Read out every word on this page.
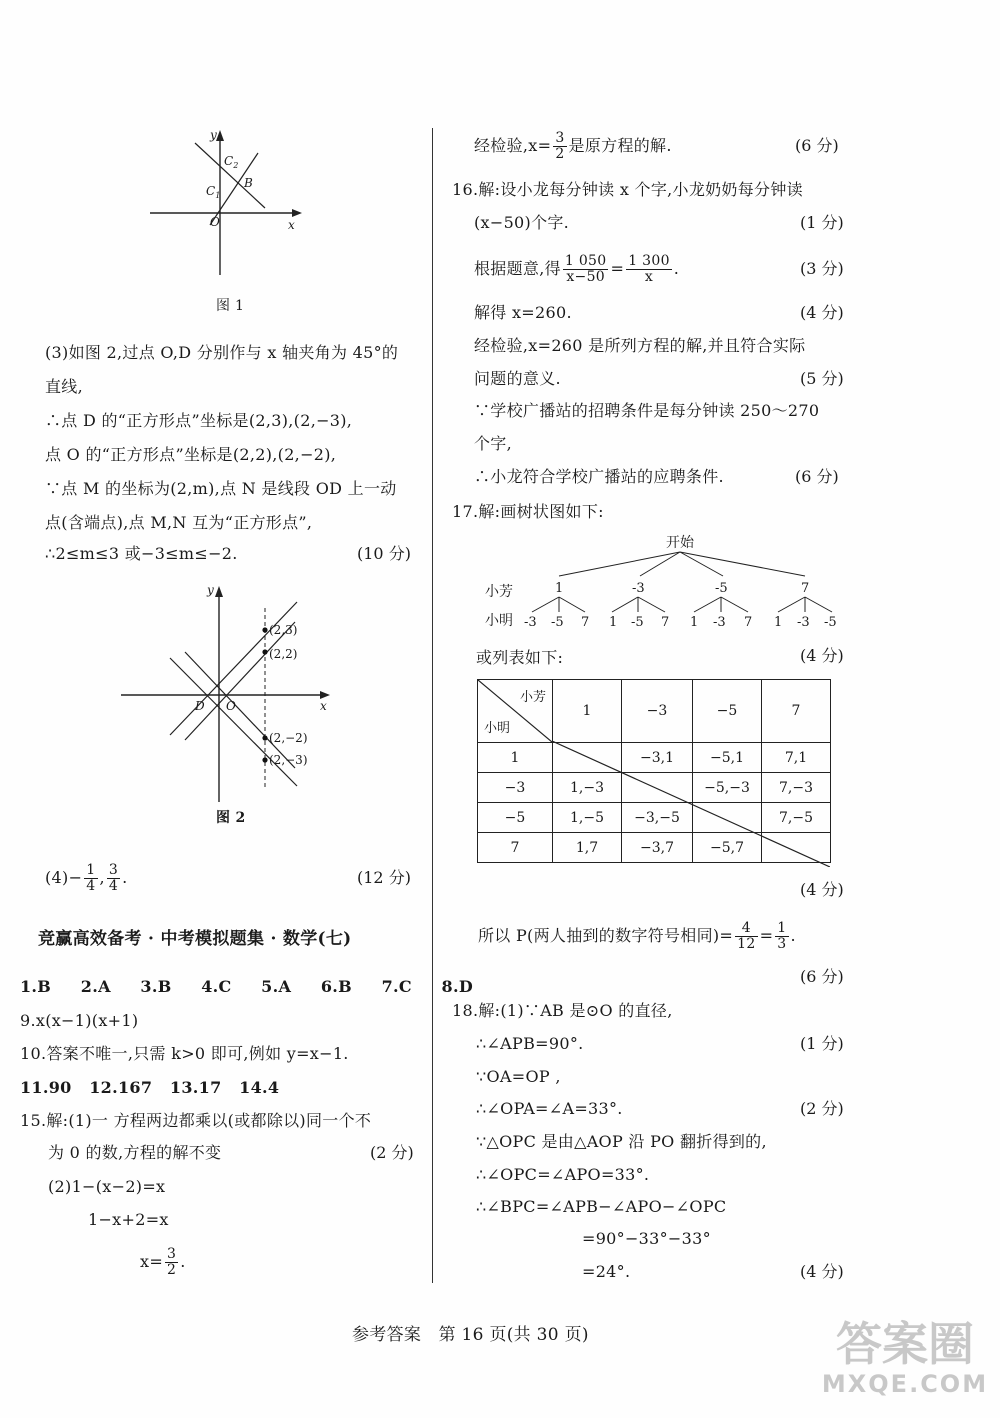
y
x
O
$C_2$
$C_1$
B
图 1
(3)如图 2,过点 O,D 分别作与 x 轴夹角为 45°的
直线,
∴点 D 的“正方形点”坐标是(2,3),(2,−3),
点 O 的“正方形点”坐标是(2,2),(2,−2),
∵点 M 的坐标为(2,m),点 N 是线段 OD 上一动
点(含端点),点 M,N 互为“正方形点”,
∴2≤m≤3 或−3≤m≤−2.	(10 分)
y
x
D O
(2,3)
(2,2)
(2,−2)
(2,−3)
图 2
$(4)- \frac{1}{4}$ , $\frac{3}{4}$ .	(12 分)
竞赢高效备考 · 中考模拟题集 · 数学(七)
1.B 2.A 3.B 4.C 5.A 6.B 7.C 8.D
9.x(x−1)(x+1)
10.答案不唯一,只需 k>0 即可,例如 y=x−1.
11.90 12.167 13.17 14.4
15.解:(1)一 方程两边都乘以(或都除以)同一个不
为 0 的数,方程的解不变	(2 分)
(2)1−(x−2)=x
1−x+2=x
$x= \frac{3}{2}$ .
经检验$,x= \frac{3}{2}$ 是原方程的解.	(6 分)
16.解:设小龙每分钟读 x 个字,小龙奶奶每分钟读
(x−50)个字.	(1 分)
根据题意,得 $\frac{1 050}{x-50} = \frac{1 300}{x}$ .	(3 分)
解得 x=260.	(4 分)
经检验,x=260 是所列方程的解,并且符合实际
问题的意义.	(5 分)
∵学校广播站的招聘条件是每分钟读 250～270
个字,
∴小龙符合学校广播站的应聘条件.	(6 分)
17.解:画树状图如下:
开始
小芳
小明
1	-3	-5	7
-3 -5 7 1 -5 7 1 -3 7 1 -3 -5
或列表如下:	(4 分)
小芳
小明	1	−3	−5	7
1		−3,1	−5,1	7,1
−3	1,−3		−5,−3	7,−3
−5	1,−5	−3,−5		7,−5
7	1,7	−3,7	−5,7	
(4 分)
所以 P(两人抽到的数字符号相同)= $\frac{4}{12} = \frac{1}{3}$ .
(6 分)
18.解:(1)∵AB 是⊙O 的直径,
∴∠APB=90°.	(1 分)
∵OA=OP ,
∴∠OPA=∠A=33°.	(2 分)
∵△OPC 是由△AOP 沿 PO 翻折得到的,
∴∠OPC=∠APO=33°.
∴∠BPC=∠APB−∠APO−∠OPC
=90°−33°−33°
=24°.	(4 分)
参考答案　第 16 页(共 30 页)	答案圈
MXQE.COM
